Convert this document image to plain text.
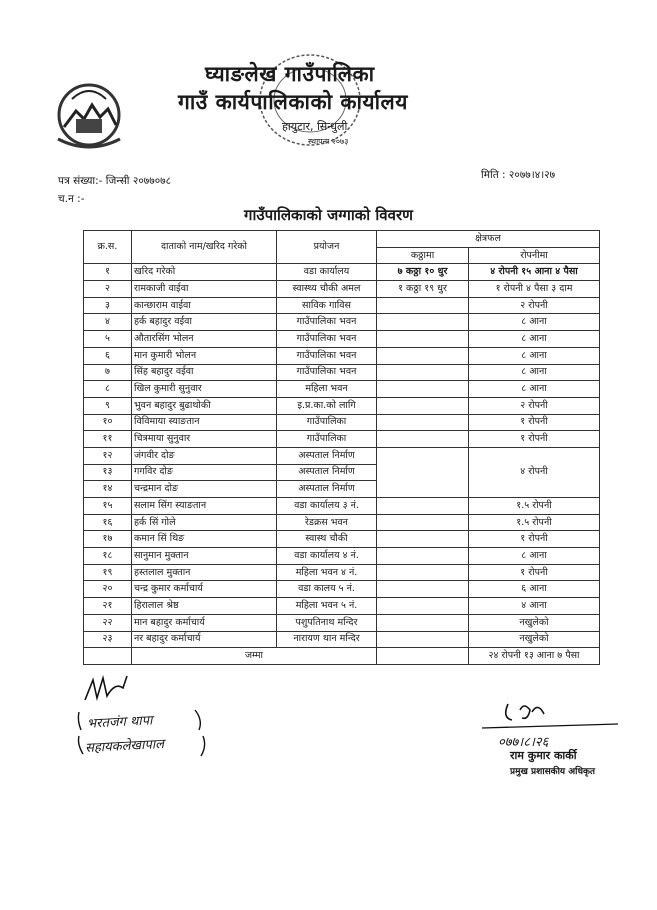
घ्याङलेख गाउँपालिका
गाउँ कार्यपालिकाको कार्यालय
हायुटार, सिन्धुली
स्थापना २०७३
पत्र संख्या:- जिन्सी २०७७०७८
च.न :-
मिति : २०७७।४।२७
गाउँपालिकाको जग्गाको विवरण
क्र.स.	दाताको नाम/खरिद गरेको	प्रयोजन	क्षेत्रफल	
			कठ्ठामा	रोपनीमा
१	खरिद गरेको	वडा कार्यालय	७ कठ्ठा १० धुर	४ रोपनी १५ आना ४ पैसा
२	रामकाजी वाईवा	स्वास्थ्य चौकी अमल	१ कठ्ठा १९ धुर	१ रोपनी ४ पैसा ३ दाम
३	कान्छाराम वाईवा	साविक गाविस		२ रोपनी
४	हर्क बहादुर वईवा	गाउँपालिका भवन		८ आना
५	औतारसिंग भोलन	गाउँपालिका भवन		८ आना
६	मान कुमारी भोलन	गाउँपालिका भवन		८ आना
७	सिंह बहादुर वईवा	गाउँपालिका भवन		८ आना
८	खिल कुमारी सुनुवार	महिला भवन		८ आना
९	भुवन बहादुर बुढाथोकी	इ.प्र.का.को लागि		२ रोपनी
१०	विविमाया स्याङतान	गाउँपालिका		१ रोपनी
११	चित्रमाया सुनुवार	गाउँपालिका		१ रोपनी
१२	जंगवीर दोङ	अस्पताल निर्माण		४ रोपनी
१३	गगविर दोङ	अस्पताल निर्माण		
१४	चन्द्रमान दोङ	अस्पताल निर्माण		
१५	सलाम सिंग स्याङतान	वडा कार्यालय ३ नं.		१.५ रोपनी
१६	हर्क सिं गोले	रेडक्रस भवन		१.५ रोपनी
१७	कमान सिं थिङ	स्वास्थ चौकी		१ रोपनी
१८	सानुमान मुक्तान	वडा कार्यालय ४ नं.		८ आना
१९	हस्तलाल मुक्तान	महिला भवन ४ नं.		१ रोपनी
२०	चन्द्र कुमार कर्माचार्य	वडा कालय ५ नं.		६ आना
२१	हिरालाल श्रेष्ठ	महिला भवन ५ नं.		४ आना
२२	मान बहादुर कर्माचार्य	पशुपतिनाथ मन्दिर		नखुलेको
२३	नर बहादुर कर्माचार्य	नारायण थान मन्दिर		नखुलेको
	जम्मा			२४ रोपनी १३ आना ७ पैसा
भरतजंग थापा
सहायकलेखापाल	०७७।८।२६
राम कुमार कार्की
प्रमुख प्रशासकीय अधिकृत
